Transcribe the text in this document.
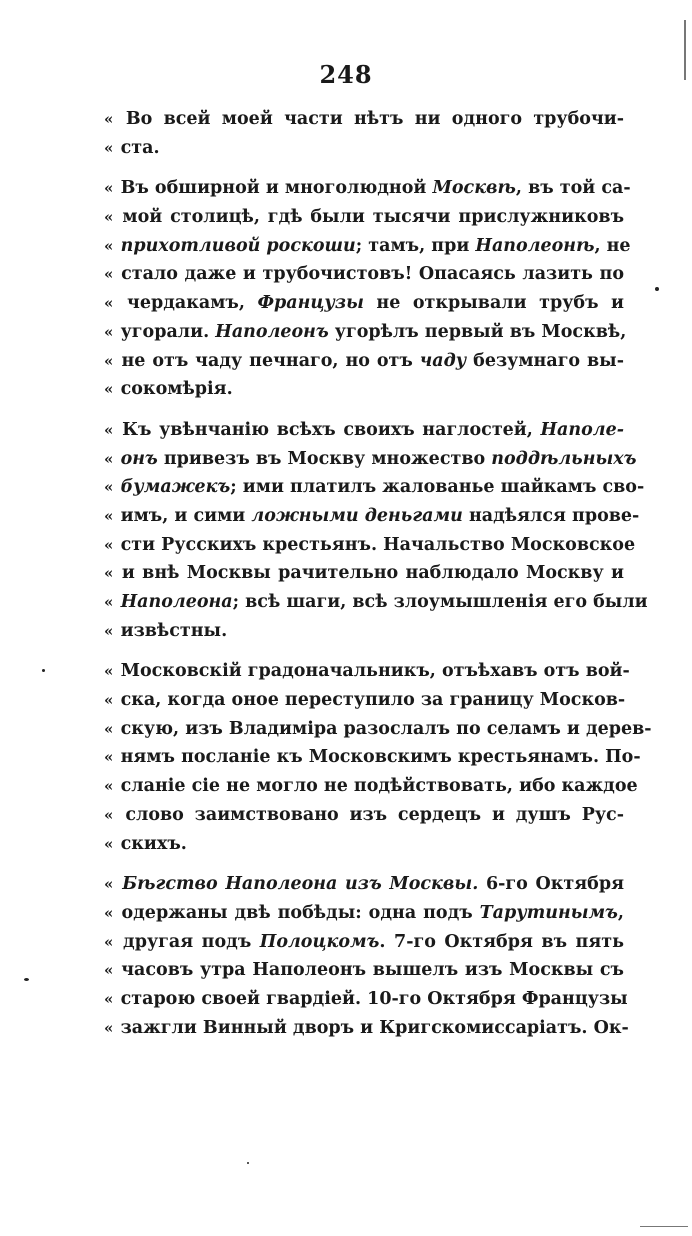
248
« Во всей моей части нѣтъ ни одного трубочи-
« ста.
« Въ обширной и многолюдной Москвѣ, въ той са-
« мой столицѣ, гдѣ были тысячи прислужниковъ
« прихотливой роскоши; тамъ, при Наполеонѣ, не
« стало даже и трубочистовъ! Опасаясь лазить по
« чердакамъ, Французы не открывали трубъ и
« угорали. Наполеонъ угорѣлъ первый въ Москвѣ,
« не отъ чаду печнаго, но отъ чаду безумнаго вы-
« сокомѣрія.
« Къ увѣнчанію всѣхъ своихъ наглостей, Наполе-
« онъ привезъ въ Москву множество поддѣльныхъ
« бумажекъ; ими платилъ жалованье шайкамъ сво-
« имъ, и сими ложными деньгами надѣялся прове-
« сти Русскихъ крестьянъ. Начальство Московское
« и внѣ Москвы рачительно наблюдало Москву и
« Наполеона; всѣ шаги, всѣ злоумышленія его были
« извѣстны.
« Московскій градоначальникъ, отъѣхавъ отъ вой-
« ска, когда оное переступило за границу Москов-
« скую, изъ Владиміра разослалъ по селамъ и дерев-
« нямъ посланіе къ Московскимъ крестьянамъ. По-
« сланіе сіе не могло не подѣйствовать, ибо каждое
« слово заимствовано изъ сердецъ и душъ Рус-
« скихъ.
« Бѣгство Наполеона изъ Москвы. 6-го Октября
« одержаны двѣ побѣды: одна подъ Тарутинымъ,
« другая подъ Полоцкомъ. 7-го Октября въ пять
« часовъ утра Наполеонъ вышелъ изъ Москвы съ
« старою своей гвардіей. 10-го Октября Французы
« зажгли Винный дворъ и Кригскомиссаріатъ. Ок-
